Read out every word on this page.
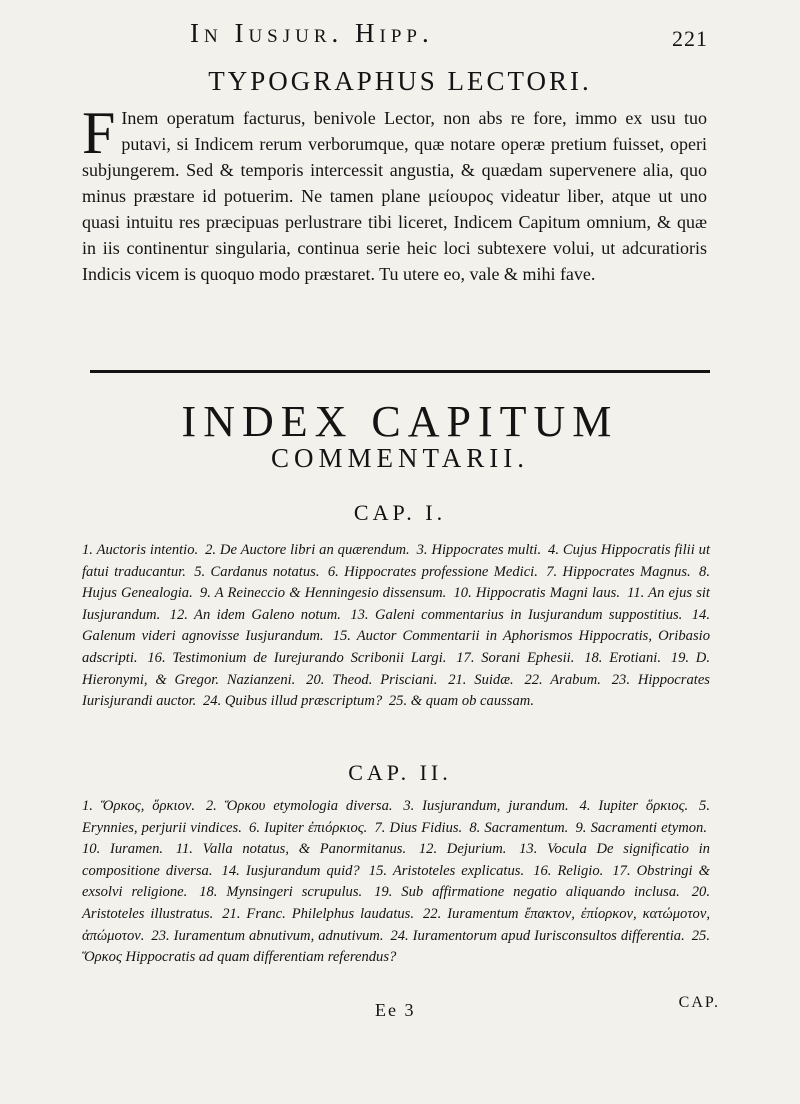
In Iusjur. Hipp.	221
TYPOGRAPHUS LECTORI.
F Inem operatum facturus, benivole Lector, non abs re fore, immo ex usu tuo putavi, si Indicem rerum verborumque, quæ notare operæ pretium fuisset, operi subjungerem. Sed & temporis intercessit angustia, & quædam supervenere alia, quo minus præstare id potuerim. Ne tamen plane μείουρος videatur liber, atque ut uno quasi intuitu res præcipuas perlustrare tibi liceret, Indicem Capitum omnium, & quæ in iis continentur singularia, continua serie heic loci subtexere volui, ut adcuratioris Indicis vicem is quoquo modo præstaret. Tu utere eo, vale & mihi fave.
INDEX CAPITUM
COMMENTARII.
CAP. I.
1. Auctoris intentio. 2. De Auctore libri an quærendum. 3. Hippocrates multi. 4. Cujus Hippocratis filii ut fatui traducantur. 5. Cardanus notatus. 6. Hippocrates professione Medici. 7. Hippocrates Magnus. 8. Hujus Genealogia. 9. A Reineccio & Henningesio dissensum. 10. Hippocratis Magni laus. 11. An ejus sit Iusjurandum. 12. An idem Galeno notum. 13. Galeni commentarius in Iusjurandum suppostitius. 14. Galenum videri agnovisse Iusjurandum. 15. Auctor Commentarii in Aphorismos Hippocratis, Oribasio adscripti. 16. Testimonium de Iurejurando Scribonii Largi. 17. Sorani Ephesii. 18. Erotiani. 19. D. Hieronymi, & Gregor. Nazianzeni. 20. Theod. Prisciani. 21. Suidæ. 22. Arabum. 23. Hippocrates Iurisjurandi auctor. 24. Quibus illud præscriptum? 25. & quam ob caussam.
CAP. II.
1. Ὅρκος, ὅρκιον. 2. Ὅρκου etymologia diversa. 3. Iusjurandum, jurandum. 4. Iupiter ὅρκιος. 5. Erynnies, perjurii vindices. 6. Iupiter ἐπιόρκιος. 7. Dius Fidius. 8. Sacramentum. 9. Sacramenti etymon. 10. Iuramen. 11. Valla notatus, & Panormitanus. 12. Dejurium. 13. Vocula De significatio in compositione diversa. 14. Iusjurandum quid? 15. Aristoteles explicatus. 16. Religio. 17. Obstringi & exsolvi religione. 18. Mynsingeri scrupulus. 19. Sub affirmatione negatio aliquando inclusa. 20. Aristoteles illustratus. 21. Franc. Philelphus laudatus. 22. Iuramentum ἔπακτον, ἐπίορκον, κατώμοτον, ἀπώμοτον. 23. Iuramentum abnutivum, adnutivum. 24. Iuramentorum apud Iurisconsultos differentia. 25. Ὅρκος Hippocratis ad quam differentiam referendus?
Ee 3	CAP.
